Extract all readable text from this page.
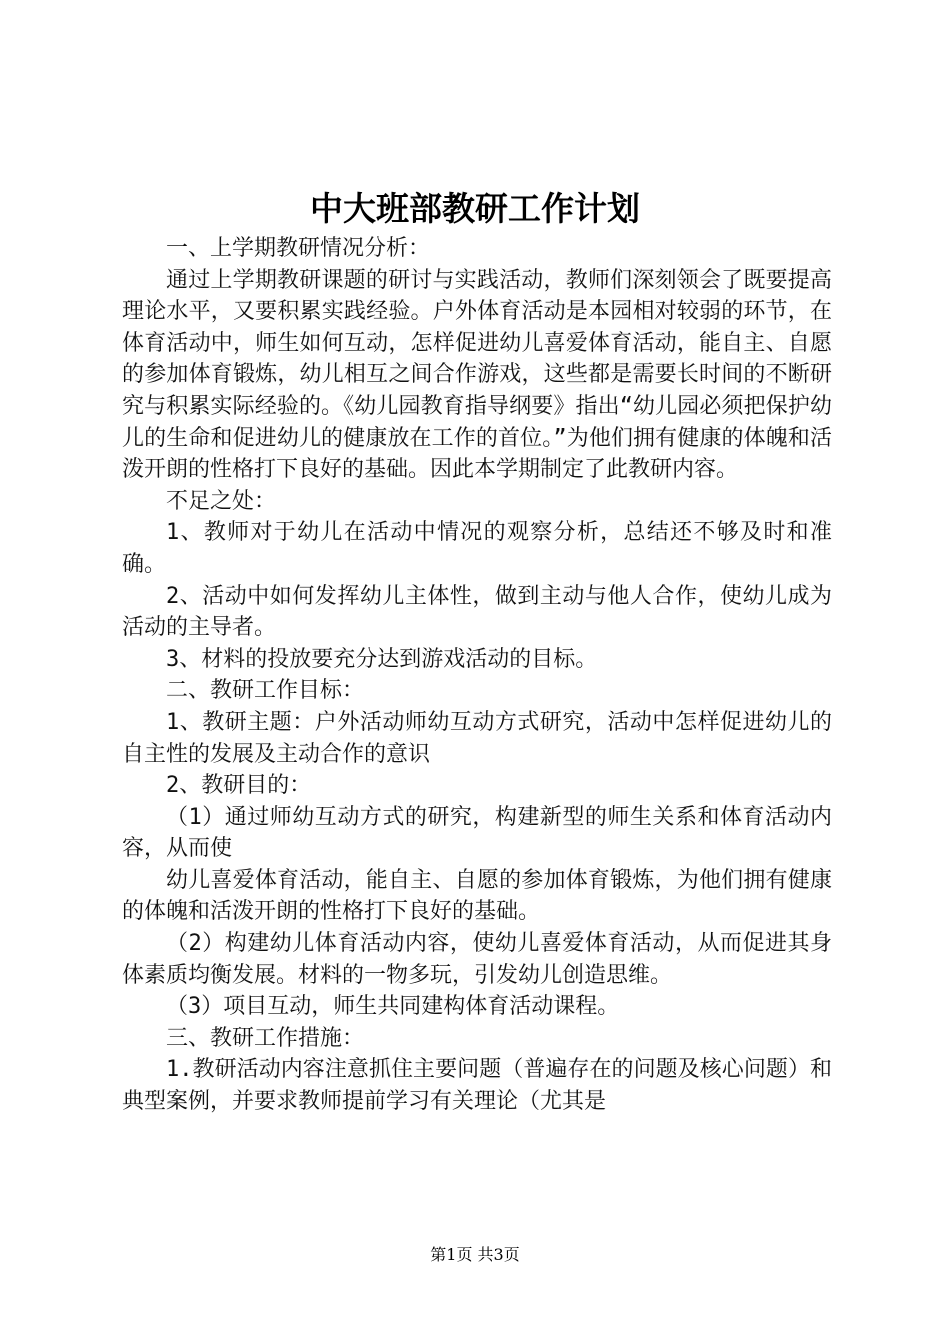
中大班部教研工作计划

一、上学期教研情况分析：

通过上学期教研课题的研讨与实践活动，教师们深刻领会了既要提高理论水平，又要积累实践经验。户外体育活动是本园相对较弱的环节，在体育活动中，师生如何互动，怎样促进幼儿喜爱体育活动，能自主、自愿的参加体育锻炼，幼儿相互之间合作游戏，这些都是需要长时间的不断研究与积累实际经验的。《幼儿园教育指导纲要》指出“幼儿园必须把保护幼儿的生命和促进幼儿的健康放在工作的首位。”为他们拥有健康的体魄和活泼开朗的性格打下良好的基础。因此本学期制定了此教研内容。

不足之处：

1、教师对于幼儿在活动中情况的观察分析，总结还不够及时和准确。

2、活动中如何发挥幼儿主体性，做到主动与他人合作，使幼儿成为活动的主导者。

3、材料的投放要充分达到游戏活动的目标。

二、教研工作目标：

1、教研主题：户外活动师幼互动方式研究，活动中怎样促进幼儿的自主性的发展及主动合作的意识

2、教研目的：

（1）通过师幼互动方式的研究，构建新型的师生关系和体育活动内容，从而使

幼儿喜爱体育活动，能自主、自愿的参加体育锻炼，为他们拥有健康的体魄和活泼开朗的性格打下良好的基础。

（2）构建幼儿体育活动内容，使幼儿喜爱体育活动，从而促进其身体素质均衡发展。材料的一物多玩，引发幼儿创造思维。

（3）项目互动，师生共同建构体育活动课程。

三、教研工作措施：

1.教研活动内容注意抓住主要问题（普遍存在的问题及核心问题）和典型案例，并要求教师提前学习有关理论（尤其是

第1页 共3页
